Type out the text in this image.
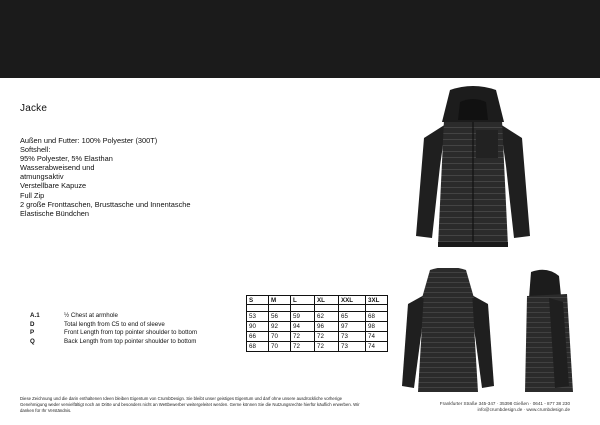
Jacke
Außen und Futter: 100% Polyester (300T)
Softshell:
95% Polyester, 5% Elasthan
Wasserabweisend und
atmungsaktiv
Verstellbare Kapuze
Full Zip
2 große Fronttaschen, Brusttasche und Innentasche
Elastische Bündchen
S	M	L	XL	XXL	3XL

53	56	59	62	65	68
90	92	94	96	97	98
66	70	72	72	73	74
68	70	72	72	73	74
A.1	½ Chest at armhole
D	Total length from C5 to end of sleeve
P	Front Length from top pointer shoulder to bottom
Q	Back Length from top pointer shoulder to bottom
Diese Zeichnung und die darin enthaltenen Ideen bleiben Eigentum von CrumbDesign. Sie bleibt unser geistiges Eigentum und darf ohne unsere ausdrückliche vorherige Genehmigung weder vervielfältigt noch an Dritte und besonders nicht an Wettbewerber weitergeleitet werden. Gerne können Sie die Nutzungsrechte hierfür käuflich erwerben. Wir danken für Ihr Verständnis.
Frankfurter Straße 345-347 · 35398 Gießen · 0641 - 877 38 230
info@crumbdesign.de · www.crumbdesign.de
